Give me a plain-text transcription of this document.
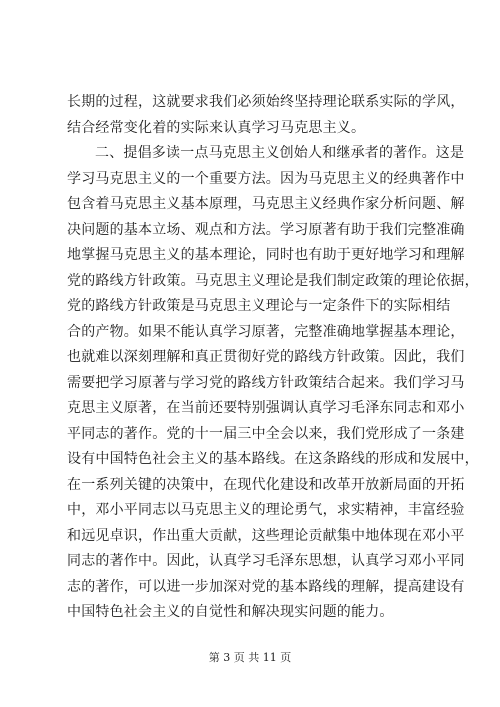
长期的过程，这就要求我们必须始终坚持理论联系实际的学风，
结合经常变化着的实际来认真学习马克思主义。
二、提倡多读一点马克思主义创始人和继承者的著作。这是
学习马克思主义的一个重要方法。因为马克思主义的经典著作中
包含着马克思主义基本原理，马克思主义经典作家分析问题、解
决问题的基本立场、观点和方法。学习原著有助于我们完整准确
地掌握马克思主义的基本理论，同时也有助于更好地学习和理解
党的路线方针政策。马克思主义理论是我们制定政策的理论依据，
党的路线方针政策是马克思主义理论与一定条件下的实际相结
合的产物。如果不能认真学习原著，完整准确地掌握基本理论，
也就难以深刻理解和真正贯彻好党的路线方针政策。因此，我们
需要把学习原著与学习党的路线方针政策结合起来。我们学习马
克思主义原著，在当前还要特别强调认真学习毛泽东同志和邓小
平同志的著作。党的十一届三中全会以来，我们党形成了一条建
设有中国特色社会主义的基本路线。在这条路线的形成和发展中，
在一系列关键的决策中，在现代化建设和改革开放新局面的开拓
中，邓小平同志以马克思主义的理论勇气，求实精神，丰富经验
和远见卓识，作出重大贡献，这些理论贡献集中地体现在邓小平
同志的著作中。因此，认真学习毛泽东思想，认真学习邓小平同
志的著作，可以进一步加深对党的基本路线的理解，提高建设有
中国特色社会主义的自觉性和解决现实问题的能力。
第 3 页 共 11 页
